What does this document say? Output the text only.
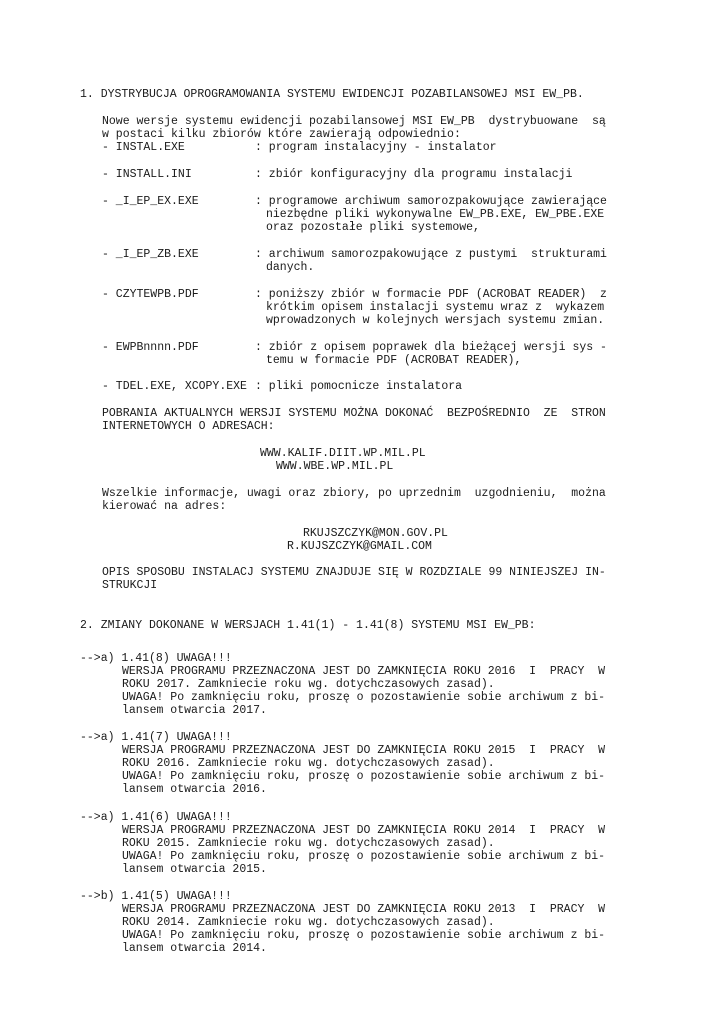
1. DYSTRYBUCJA OPROGRAMOWANIA SYSTEMU EWIDENCJI POZABILANSOWEJ MSI EW_PB.

Nowe wersje systemu ewidencji pozabilansowej MSI EW_PB  dystrybuowane  są

w postaci kilku zbiorów które zawierają odpowiednio:

- INSTAL.EXE	: program instalacyjny - instalator

- INSTALL.INI	: zbiór konfiguracyjny dla programu instalacji

- _I_EP_EX.EXE	: programowe archiwum samorozpakowujące zawierające

niezbędne pliki wykonywalne EW_PB.EXE, EW_PBE.EXE

oraz pozostałe pliki systemowe,

- _I_EP_ZB.EXE	: archiwum samorozpakowujące z pustymi  strukturami

danych.

- CZYTEWPB.PDF	: poniższy zbiór w formacie PDF (ACROBAT READER)  z

krótkim opisem instalacji systemu wraz z  wykazem

wprowadzonych w kolejnych wersjach systemu zmian.

- EWPBnnnn.PDF	: zbiór z opisem poprawek dla bieżącej wersji sys -

temu w formacie PDF (ACROBAT READER),

- TDEL.EXE, XCOPY.EXE : pliki pomocnicze instalatora

POBRANIA AKTUALNYCH WERSJI SYSTEMU MOŻNA DOKONAĆ  BEZPOŚREDNIO  ZE  STRON

INTERNETOWYCH O ADRESACH:

WWW.KALIF.DIIT.WP.MIL.PL

WWW.WBE.WP.MIL.PL

Wszelkie informacje, uwagi oraz zbiory, po uprzednim  uzgodnieniu,  można

kierować na adres:

RKUJSZCZYK@MON.GOV.PL

R.KUJSZCZYK@GMAIL.COM

OPIS SPOSOBU INSTALACJ SYSTEMU ZNAJDUJE SIĘ W ROZDZIALE 99 NINIEJSZEJ IN-

STRUKCJI

2. ZMIANY DOKONANE W WERSJACH 1.41(1) - 1.41(8) SYSTEMU MSI EW_PB:

-->a) 1.41(8) UWAGA!!!

WERSJA PROGRAMU PRZEZNACZONA JEST DO ZAMKNIĘCIA ROKU 2016  I  PRACY  W

ROKU 2017. Zamkniecie roku wg. dotychczasowych zasad).

UWAGA! Po zamknięciu roku, proszę o pozostawienie sobie archiwum z bi-

lansem otwarcia 2017.

-->a) 1.41(7) UWAGA!!!

WERSJA PROGRAMU PRZEZNACZONA JEST DO ZAMKNIĘCIA ROKU 2015  I  PRACY  W

ROKU 2016. Zamkniecie roku wg. dotychczasowych zasad).

UWAGA! Po zamknięciu roku, proszę o pozostawienie sobie archiwum z bi-

lansem otwarcia 2016.

-->a) 1.41(6) UWAGA!!!

WERSJA PROGRAMU PRZEZNACZONA JEST DO ZAMKNIĘCIA ROKU 2014  I  PRACY  W

ROKU 2015. Zamkniecie roku wg. dotychczasowych zasad).

UWAGA! Po zamknięciu roku, proszę o pozostawienie sobie archiwum z bi-

lansem otwarcia 2015.

-->b) 1.41(5) UWAGA!!!

WERSJA PROGRAMU PRZEZNACZONA JEST DO ZAMKNIĘCIA ROKU 2013  I  PRACY  W

ROKU 2014. Zamkniecie roku wg. dotychczasowych zasad).

UWAGA! Po zamknięciu roku, proszę o pozostawienie sobie archiwum z bi-

lansem otwarcia 2014.
